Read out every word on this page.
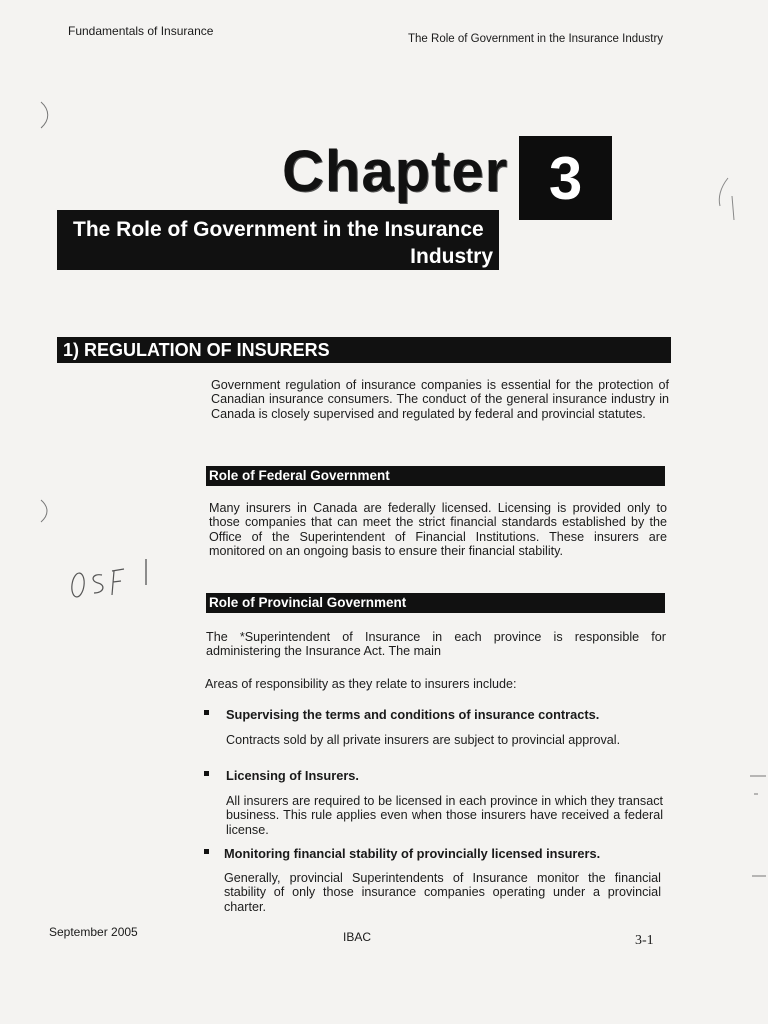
Fundamentals of Insurance
The Role of Government in the Insurance Industry
Chapter 3
The Role of Government in the Insurance
Industry
1) REGULATION OF INSURERS
Government regulation of insurance companies is essential for the protection of Canadian insurance consumers. The conduct of the general insurance industry in Canada is closely supervised and regulated by federal and provincial statutes.
Role of Federal Government
Many insurers in Canada are federally licensed. Licensing is provided only to those companies that can meet the strict financial standards established by the Office of the Superintendent of Financial Institutions. These insurers are monitored on an ongoing basis to ensure their financial stability.
Role of Provincial Government
The *Superintendent of Insurance in each province is responsible for administering the Insurance Act. The main
Areas of responsibility as they relate to insurers include:
Supervising the terms and conditions of insurance contracts.
Contracts sold by all private insurers are subject to provincial approval.
Licensing of Insurers.
All insurers are required to be licensed in each province in which they transact business. This rule applies even when those insurers have received a federal license.
Monitoring financial stability of provincially licensed insurers.
Generally, provincial Superintendents of Insurance monitor the financial stability of only those insurance companies operating under a provincial charter.
September 2005	IBAC	3-1
